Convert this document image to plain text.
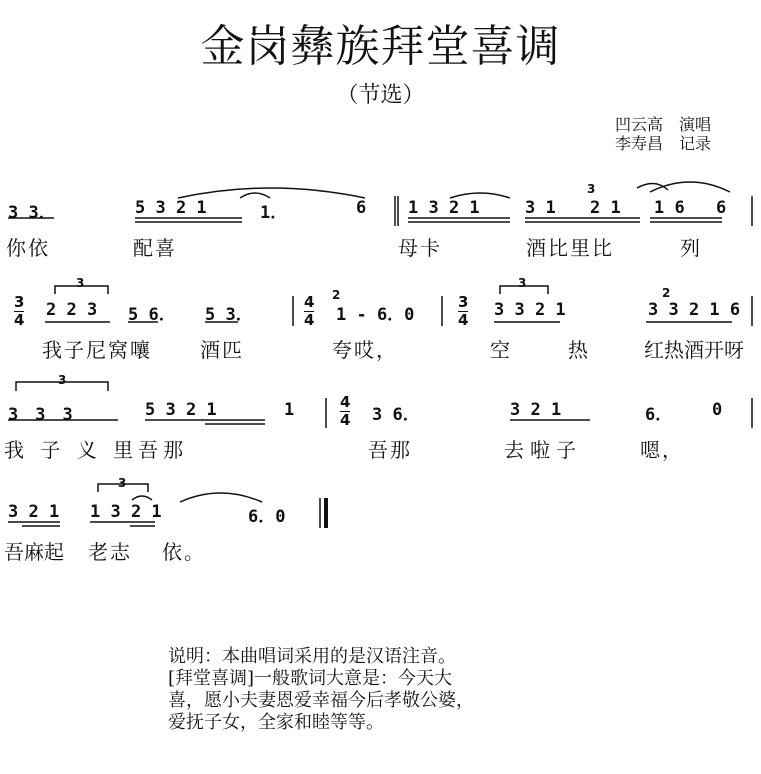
金岗彝族拜堂喜调
（节选）
凹云高　演唱
李寿昌　记录
3 3．	5 3 2 1	1．	6 1 3 2 1	3 1
3
2 1 1 6 6
你依	配喜	母卡	酒比里比	列
3
4
3
2 2 3 5 6． 5 3．
4
4
2
1 - 6．0
3
4
3
3 3 2 1
2
3 3 2 1 6
我子尼窝嚷 酒匹	夸哎，	空	热	红热酒开呀
3
3　3　3	5 3 2 1	1	4
4 3 6．	3 2 1	6． 0
我 子 义 里吾那	吾那	去啦子	嗯，
3
3 2 1 1 3 2 1	6．0
吾麻起 老志 依。
说明：本曲唱词采用的是汉语注音。
[拜堂喜调]一般歌词大意是：今天大
喜，愿小夫妻恩爱幸福今后孝敬公婆，
爱抚子女，全家和睦等等。
